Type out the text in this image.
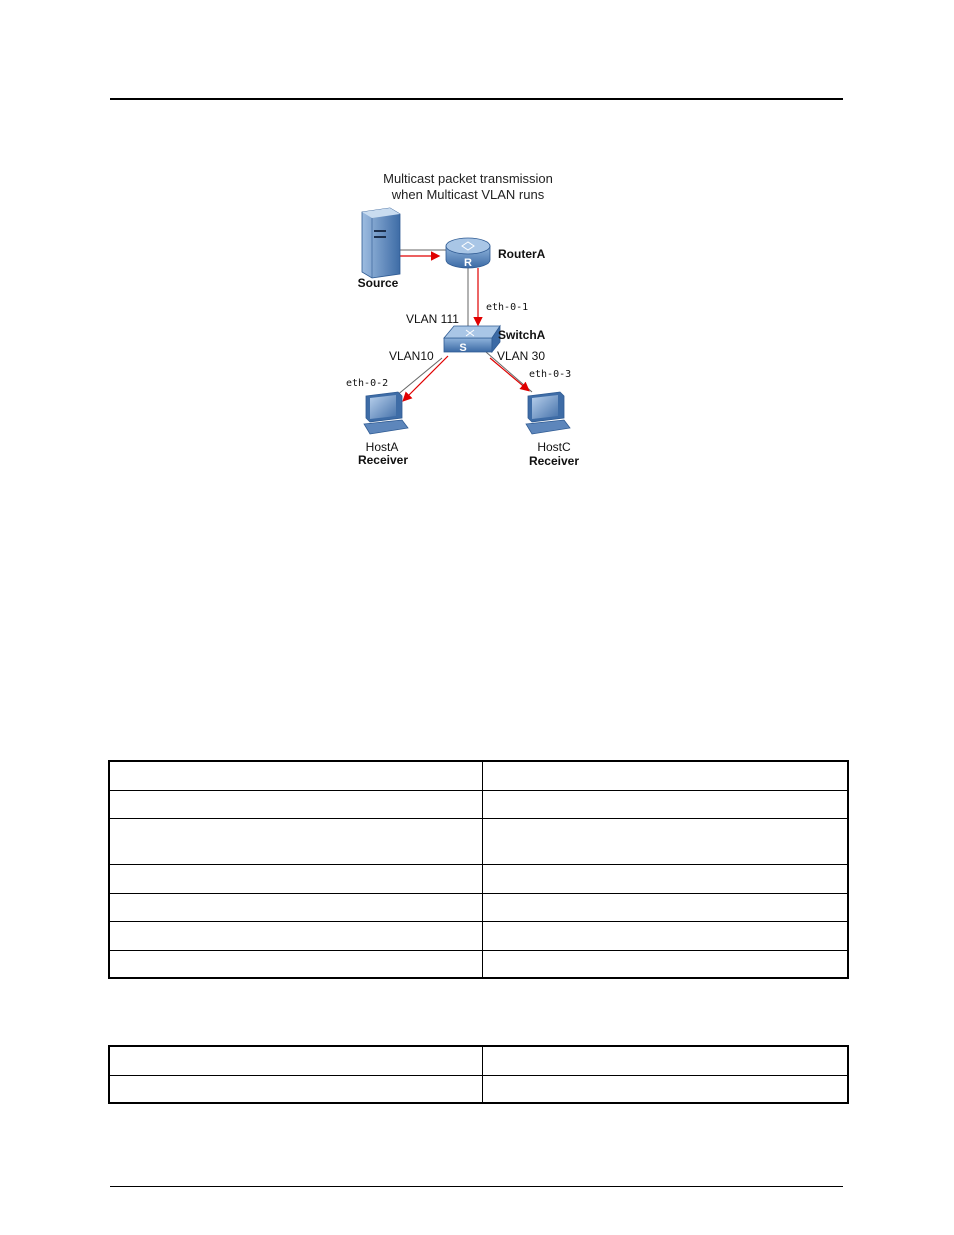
Multicast packet transmission
when Multicast VLAN runs
Source
R
RouterA
eth-0-1
VLAN 111
S
SwitchA
VLAN10	VLAN 30
eth-0-2
eth-0-3
HostA
Receiver
HostC
Receiver
